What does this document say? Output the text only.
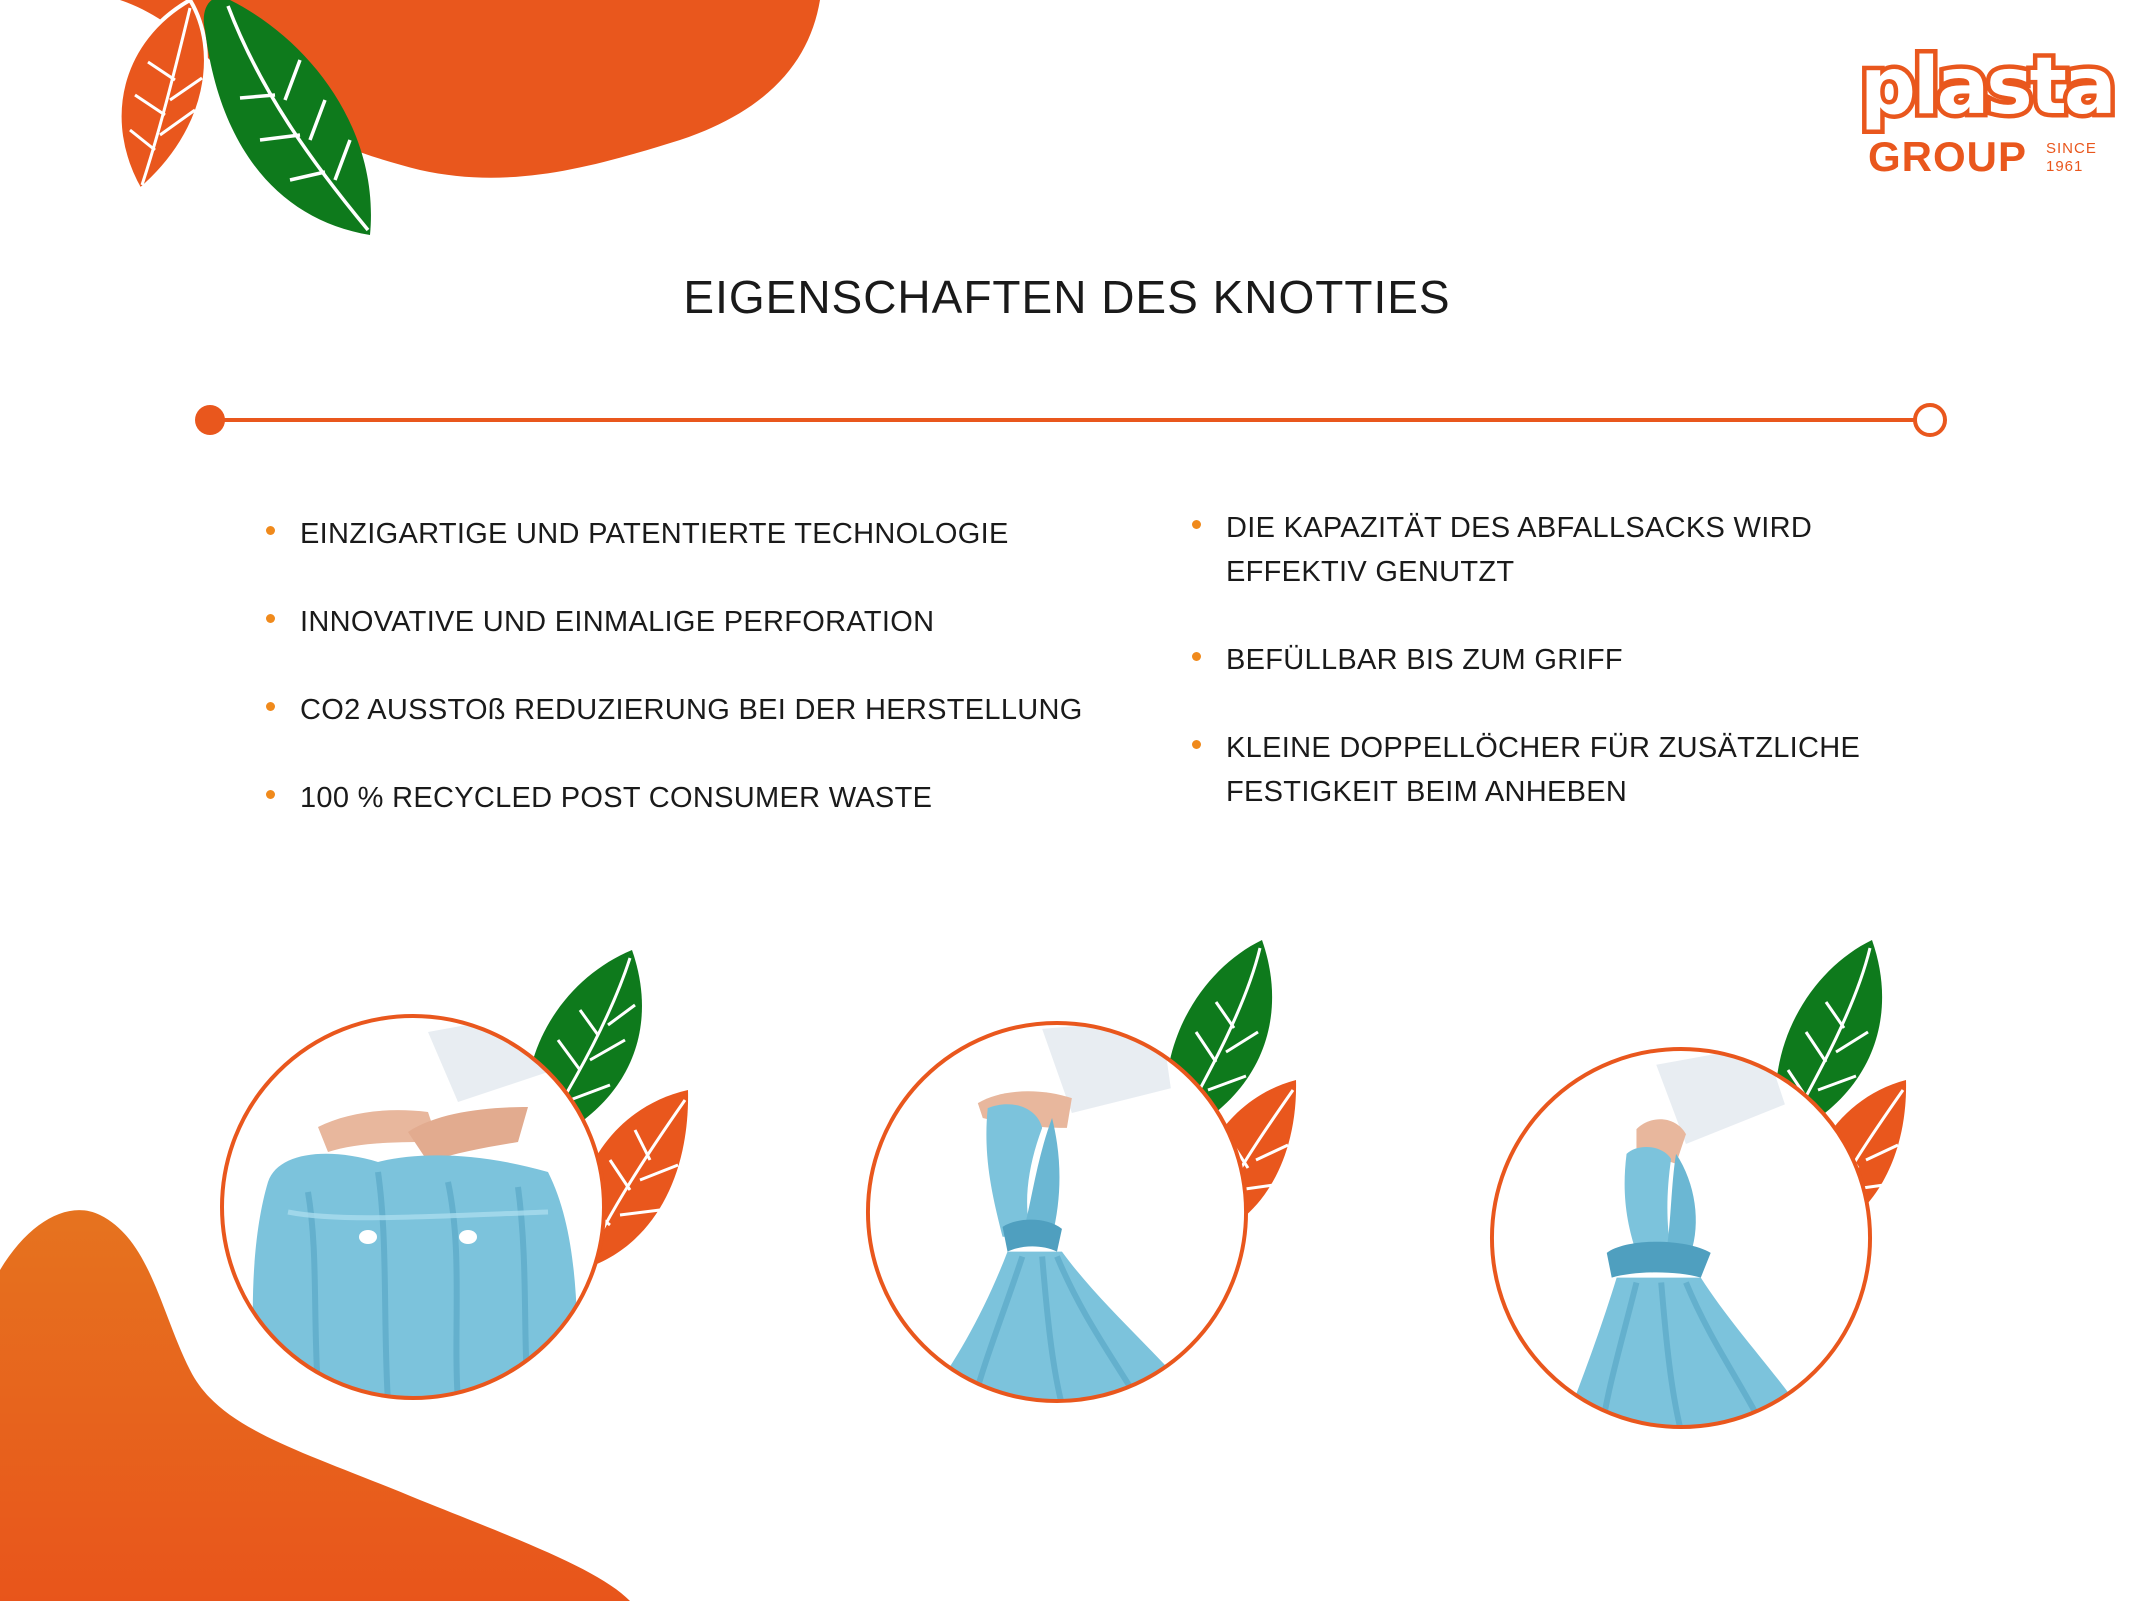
plasta
GROUP SINCE
1961
EIGENSCHAFTEN DES KNOTTIES
EINZIGARTIGE UND PATENTIERTE TECHNOLOGIE
INNOVATIVE UND EINMALIGE PERFORATION
CO2 AUSSTOß REDUZIERUNG BEI DER HERSTELLUNG
100 % RECYCLED POST CONSUMER WASTE
DIE KAPAZITÄT DES ABFALLSACKS WIRD
EFFEKTIV GENUTZT
BEFÜLLBAR BIS ZUM GRIFF
KLEINE DOPPELLÖCHER FÜR ZUSÄTZLICHE
FESTIGKEIT BEIM ANHEBEN
